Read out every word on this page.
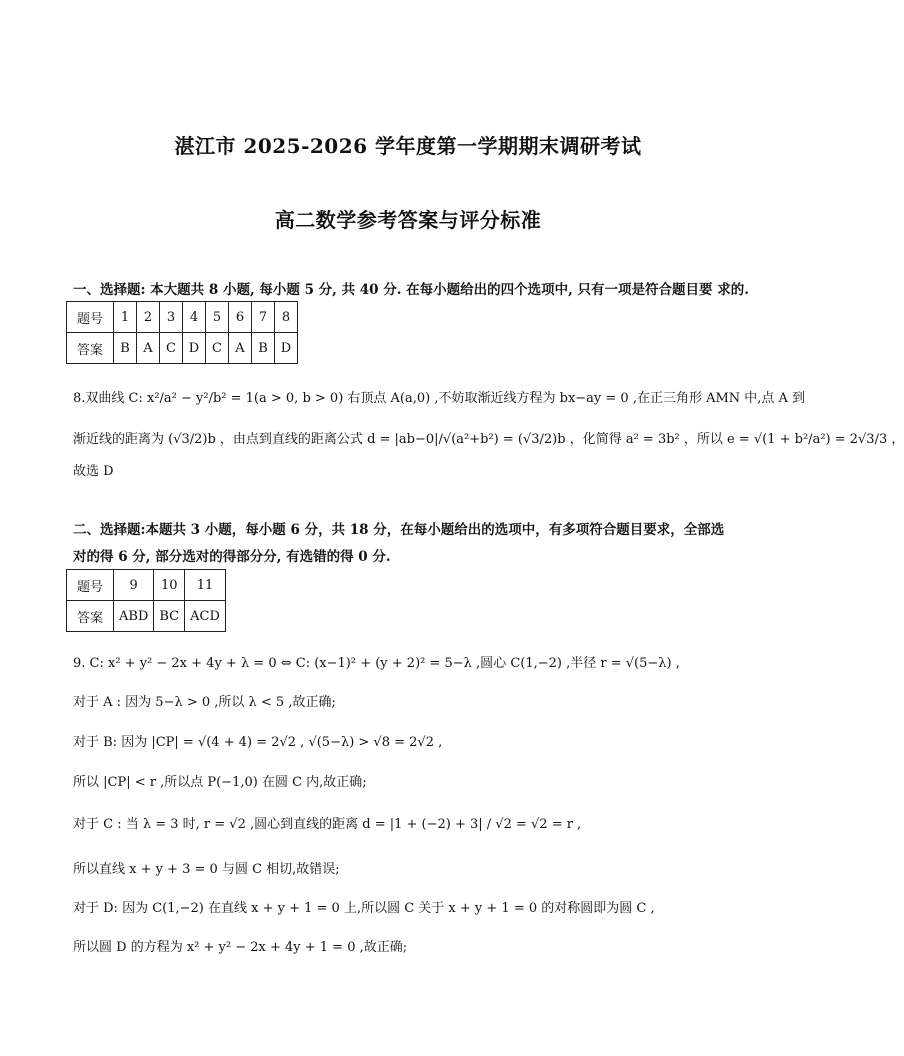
湛江市 2025-2026 学年度第一学期期末调研考试
高二数学参考答案与评分标准
一、选择题: 本大题共 8 小题, 每小题 5 分, 共 40 分. 在每小题给出的四个选项中, 只有一项是符合题目要 求的.
题号	1	2	3	4	5	6	7	8
答案	B	A	C	D	C	A	B	D
8.双曲线 C: x²/a² − y²/b² = 1(a > 0, b > 0) 右顶点 A(a,0) ,不妨取渐近线方程为 bx−ay = 0 ,在正三角形 AMN 中,点 A 到
渐近线的距离为 (√3/2)b ，由点到直线的距离公式 d = |ab−0|/√(a²+b²) = (√3/2)b ，化简得 a² = 3b² ，所以 e = √(1 + b²/a²) = 2√3/3 ，
故选 D
二、选择题:本题共 3 小题，每小题 6 分，共 18 分，在每小题给出的选项中，有多项符合题目要求，全部选
对的得 6 分, 部分选对的得部分分, 有选错的得 0 分.
题号	9	10	11
答案	ABD	BC	ACD
9. C: x² + y² − 2x + 4y + λ = 0 ⇔ C: (x−1)² + (y + 2)² = 5−λ ,圆心 C(1,−2) ,半径 r = √(5−λ) ,
对于 A : 因为 5−λ > 0 ,所以 λ < 5 ,故正确;
对于 B: 因为 |CP| = √(4 + 4) = 2√2 , √(5−λ) > √8 = 2√2 ,
所以 |CP| < r ,所以点 P(−1,0) 在圆 C 内,故正确;
对于 C : 当 λ = 3 时, r = √2 ,圆心到直线的距离 d = |1 + (−2) + 3| / √2 = √2 = r ,
所以直线 x + y + 3 = 0 与圆 C 相切,故错误;
对于 D: 因为 C(1,−2) 在直线 x + y + 1 = 0 上,所以圆 C 关于 x + y + 1 = 0 的对称圆即为圆 C ,
所以圆 D 的方程为 x² + y² − 2x + 4y + 1 = 0 ,故正确;
